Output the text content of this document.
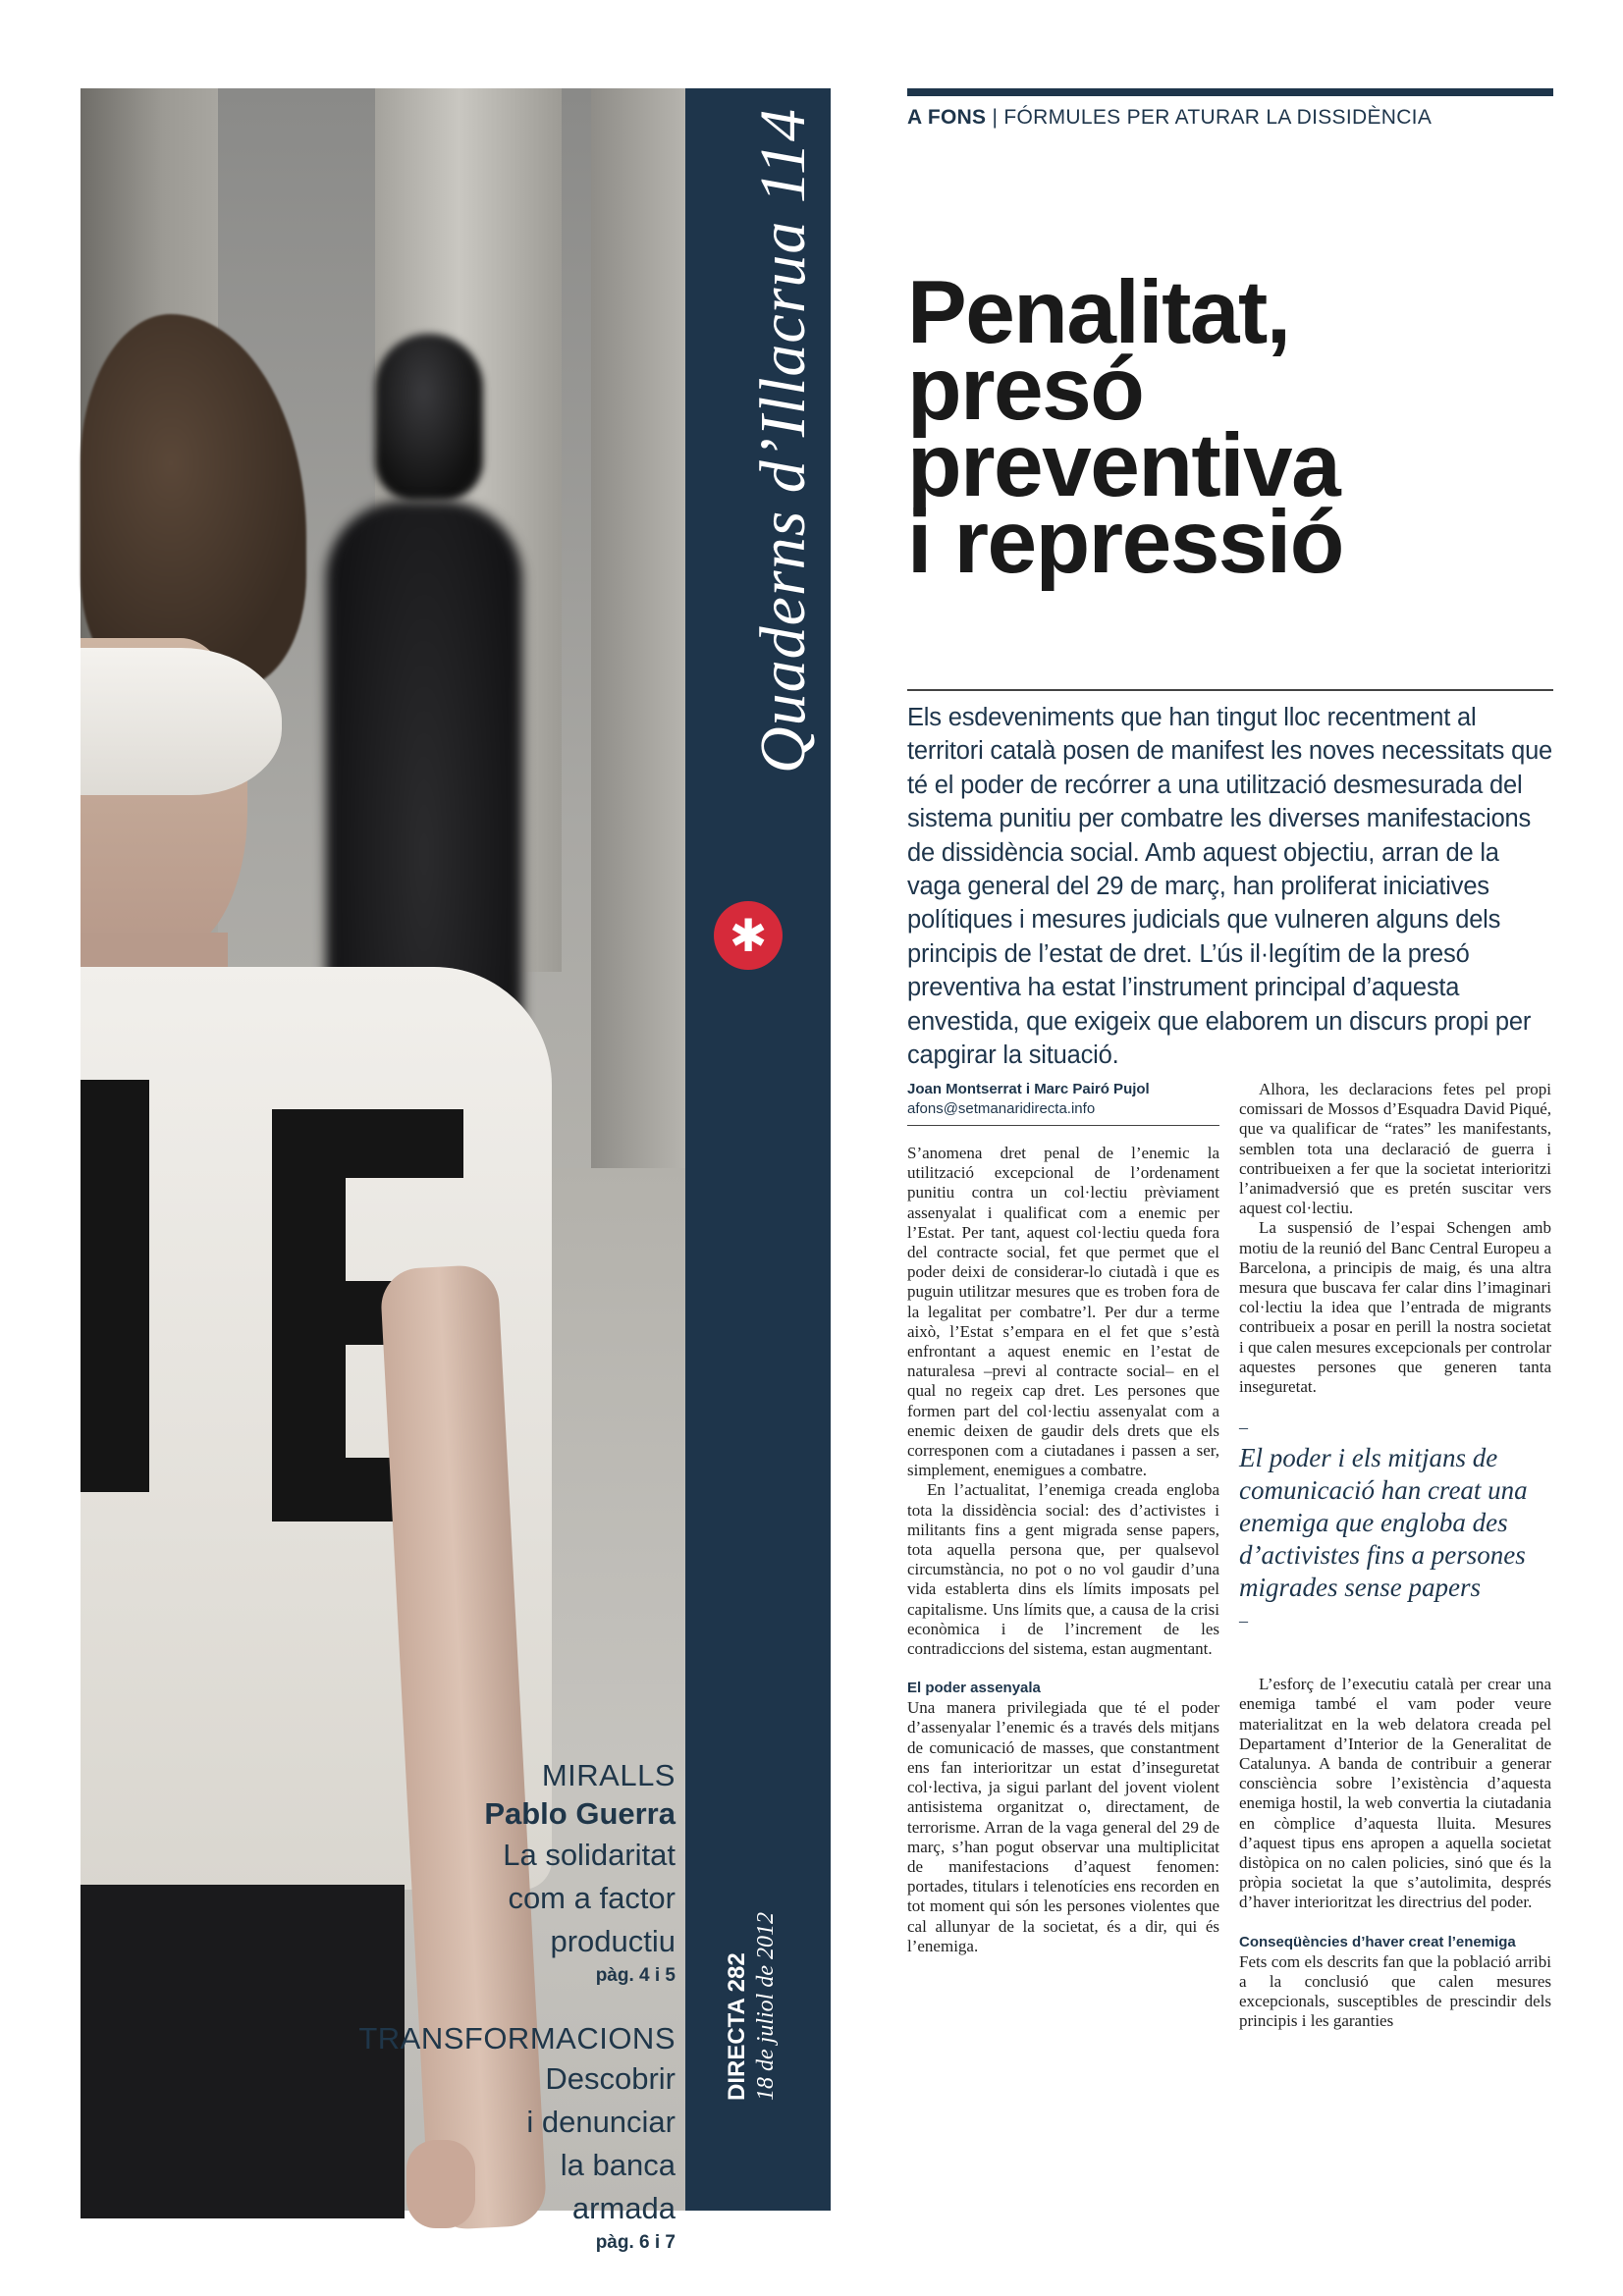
MIRALLS
Pablo Guerra
La solidaritat
com a factor
productiu
pàg. 4 i 5
TRANSFORMACIONS
Descobrir
i denunciar
la banca
armada
pàg. 6 i 7
Quaderns d’Illacrua 114
✱
DIRECTA 282 18 de juliol de 2012
A FONS | FÓRMULES PER ATURAR LA DISSIDÈNCIA
Penalitat,
presó
preventiva
i repressió

Els esdeveniments que han tingut lloc recentment al territori català posen de manifest les noves necessitats que té el poder de recórrer a una utilització desmesurada del sistema punitiu per combatre les diverses manifestacions de dissidència social. Amb aquest objectiu, arran de la vaga general del 29 de març, han proliferat iniciatives polítiques i mesures judicials que vulneren alguns dels principis de l’estat de dret. L’ús il·legítim de la presó preventiva ha estat l’instrument principal d’aquesta envestida, que exigeix que elaborem un discurs propi per capgirar la situació.

Joan Montserrat i Marc Pairó Pujol
afons@setmanaridirecta.info

S’anomena dret penal de l’enemic la utilització excepcional de l’ordenament punitiu contra un col·lectiu prèviament assenyalat i qualificat com a enemic per l’Estat. Per tant, aquest col·lectiu queda fora del contracte social, fet que permet que el poder deixi de considerar-lo ciutadà i que es puguin utilitzar mesures que es troben fora de la legalitat per combatre’l. Per dur a terme això, l’Estat s’empara en el fet que s’està enfrontant a aquest enemic en l’estat de naturalesa –previ al contracte social– en el qual no regeix cap dret. Les persones que formen part del col·lectiu assenyalat com a enemic deixen de gaudir dels drets que els corresponen com a ciutadanes i passen a ser, simplement, enemigues a combatre.

En l’actualitat, l’enemiga creada engloba tota la dissidència social: des d’activistes i militants fins a gent migrada sense papers, tota aquella persona que, per qualsevol circumstància, no pot o no vol gaudir d’una vida establerta dins els límits imposats pel capitalisme. Uns límits que, a causa de la crisi econòmica i de l’increment de les contradiccions del sistema, estan augmentant.

El poder assenyala

Una manera privilegiada que té el poder d’assenyalar l’enemic és a través dels mitjans de comunicació de masses, que constantment ens fan interioritzar un estat d’inseguretat col·lectiva, ja sigui parlant del jovent violent antisistema organitzat o, directament, de terrorisme. Arran de la vaga general del 29 de març, s’han pogut observar una multiplicitat de manifestacions d’aquest fenomen: portades, titulars i telenotícies ens recorden en tot moment qui són les persones violentes que cal allunyar de la societat, és a dir, qui és l’enemiga.

Alhora, les declaracions fetes pel propi comissari de Mossos d’Esquadra David Piqué, que va qualificar de “rates” les manifestants, semblen tota una declaració de guerra i contribueixen a fer que la societat interioritzi l’animadversió que es pretén suscitar vers aquest col·lectiu.

La suspensió de l’espai Schengen amb motiu de la reunió del Banc Central Europeu a Barcelona, a principis de maig, és una altra mesura que buscava fer calar dins l’imaginari col·lectiu la idea que l’entrada de migrants contribueix a posar en perill la nostra societat i que calen mesures excepcionals per controlar aquestes persones que generen tanta inseguretat.

–
El poder i els mitjans de comunicació han creat una enemiga que engloba des d’activistes fins a persones migrades sense papers
–

L’esforç de l’executiu català per crear una enemiga també el vam poder veure materialitzat en la web delatora creada pel Departament d’Interior de la Generalitat de Catalunya. A banda de contribuir a generar consciència sobre l’existència d’aquesta enemiga hostil, la web convertia la ciutadania en còmplice d’aquesta lluita. Mesures d’aquest tipus ens apropen a aquella societat distòpica on no calen policies, sinó que és la pròpia societat la que s’autolimita, després d’haver interioritzat les directrius del poder.

Conseqüències d’haver creat l’enemiga

Fets com els descrits fan que la població arribi a la conclusió que calen mesures excepcionals, susceptibles de prescindir dels principis i les garanties
